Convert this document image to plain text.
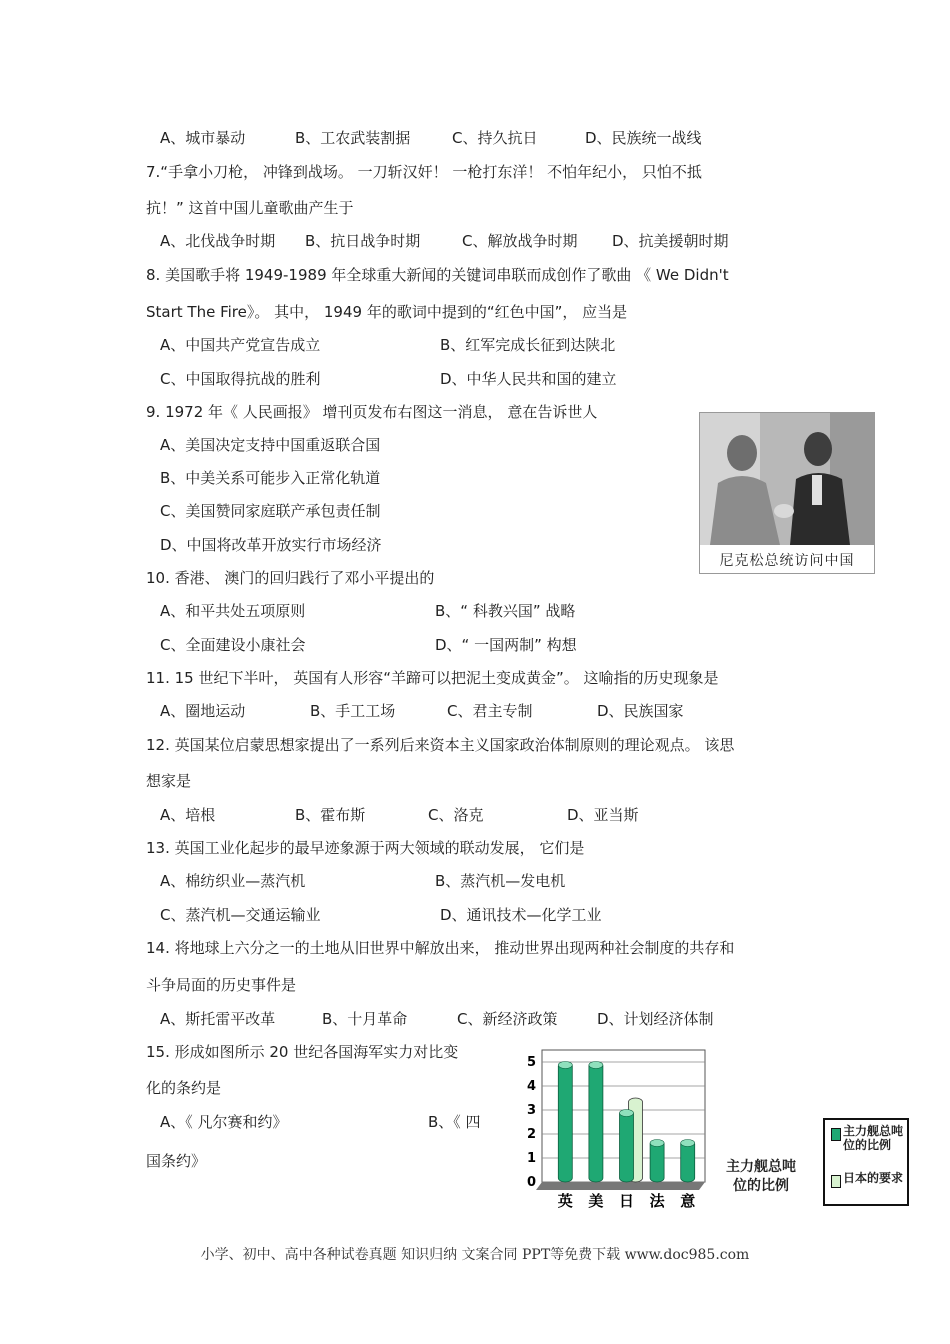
A、城市暴动	B、工农武装割据	C、持久抗日	D、民族统一战线
7.“手拿小刀枪， 冲锋到战场。 一刀斩汉奸！ 一枪打东洋！ 不怕年纪小， 只怕不抵
抗！” 这首中国儿童歌曲产生于
A、北伐战争时期 B、抗日战争时期	C、解放战争时期 D、抗美援朝时期
8. 美国歌手将 1949-1989 年全球重大新闻的关键词串联而成创作了歌曲 《 We Didn't
Start The Fire》。 其中， 1949 年的歌词中提到的“红色中国”， 应当是
A、中国共产党宣告成立	B、红军完成长征到达陕北
C、中国取得抗战的胜利	D、中华人民共和国的建立
9. 1972 年《 人民画报》 增刊页发布右图这一消息， 意在告诉世人
A、美国决定支持中国重返联合国
B、中美关系可能步入正常化轨道
C、美国赞同家庭联产承包责任制
D、中国将改革开放实行市场经济
尼克松总统访问中国
10. 香港、 澳门的回归践行了邓小平提出的
A、和平共处五项原则	B、“ 科教兴国” 战略
C、全面建设小康社会	D、“ 一国两制” 构想
11. 15 世纪下半叶， 英国有人形容“羊蹄可以把泥土变成黄金”。 这喻指的历史现象是
A、圈地运动	B、手工工场	C、君主专制	D、民族国家
12. 英国某位启蒙思想家提出了一系列后来资本主义国家政治体制原则的理论观点。 该思
想家是
A、培根	B、霍布斯	C、洛克	D、亚当斯
13. 英国工业化起步的最早迹象源于两大领域的联动发展， 它们是
A、棉纺织业—蒸汽机	B、蒸汽机—发电机
C、蒸汽机—交通运输业	D、通讯技术—化学工业
14. 将地球上六分之一的土地从旧世界中解放出来， 推动世界出现两种社会制度的共存和
斗争局面的历史事件是
A、斯托雷平改革	B、十月革命	C、新经济政策	D、计划经济体制
15. 形成如图所示 20 世纪各国海军实力对比变
化的条约是
A、《 凡尔赛和约》	B、《 四
国条约》
0
1
2
3
4
5
英 美 日 法 意
主力舰总吨位的比例
主力舰总吨位的比例
日本的要求
小学、初中、高中各种试卷真题 知识归纳 文案合同 PPT等免费下载 www.doc985.com
